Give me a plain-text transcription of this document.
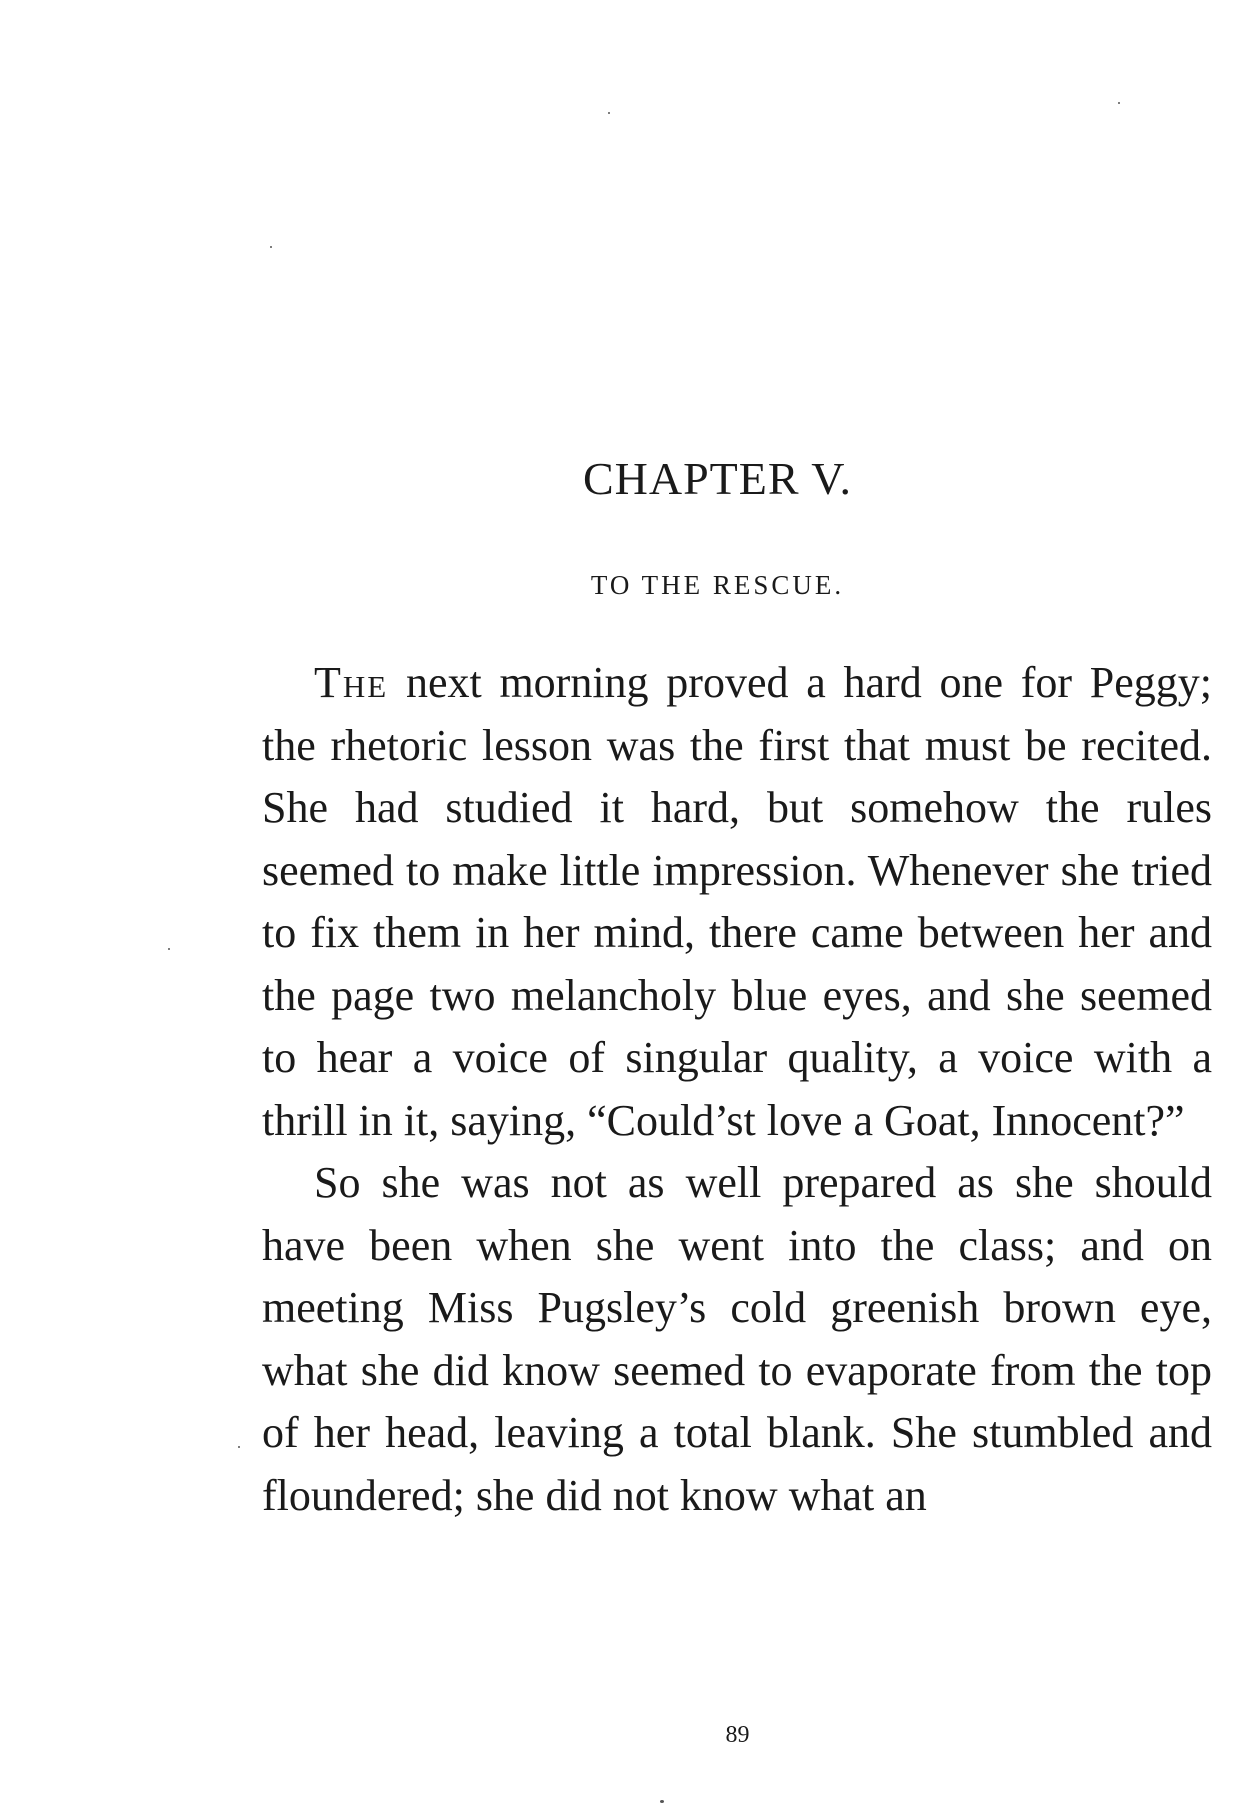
CHAPTER V.
TO THE RESCUE.

The next morning proved a hard one for Peggy; the rhetoric lesson was the first that must be recited. She had studied it hard, but somehow the rules seemed to make little impression. Whenever she tried to fix them in her mind, there came between her and the page two melancholy blue eyes, and she seemed to hear a voice of singular quality, a voice with a thrill in it, saying, “Could’st love a Goat, Innocent?”

So she was not as well prepared as she should have been when she went into the class; and on meeting Miss Pugsley’s cold greenish brown eye, what she did know seemed to evaporate from the top of her head, leaving a total blank. She stumbled and floundered; she did not know what an

89
